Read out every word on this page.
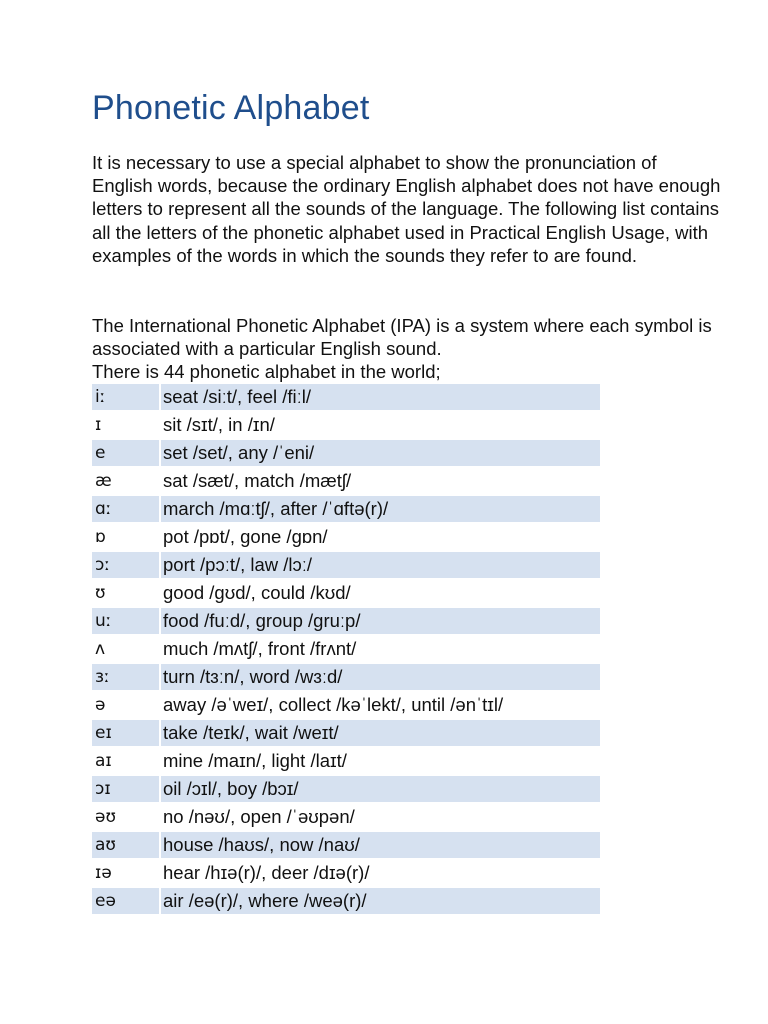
Phonetic Alphabet

It is necessary to use a special alphabet to show the pronunciation of English words, because the ordinary English alphabet does not have enough letters to represent all the sounds of the language. The following list contains all the letters of the phonetic alphabet used in Practical English Usage, with examples of the words in which the sounds they refer to are found.

The International Phonetic Alphabet (IPA) is a system where each symbol is associated with a particular English sound.
There is 44 phonetic alphabet in the world;

iː	seat /siːt/, feel /fiːl/
ɪ	sit /sɪt/, in /ɪn/
e	set /set/, any /ˈeni/
æ	sat /sæt/, match /mætʃ/
ɑː	march /mɑːtʃ/, after /ˈɑftə(r)/
ɒ	pot /pɒt/, gone /gɒn/
ɔː	port /pɔːt/, law /lɔː/
ʊ	good /gʊd/, could /kʊd/
uː	food /fuːd/, group /gruːp/
ʌ	much /mʌtʃ/, front /frʌnt/
ɜː	turn /tɜːn/, word /wɜːd/
ə	away /əˈweɪ/, collect /kəˈlekt/, until /ənˈtɪl/
eɪ	take /teɪk/, wait /weɪt/
aɪ	mine /maɪn/, light /laɪt/
ɔɪ	oil /ɔɪl/, boy /bɔɪ/
əʊ	no /nəʊ/, open /ˈəʊpən/
aʊ	house /haʊs/, now /naʊ/
ɪə	hear /hɪə(r)/, deer /dɪə(r)/
eə	air /eə(r)/, where /weə(r)/
